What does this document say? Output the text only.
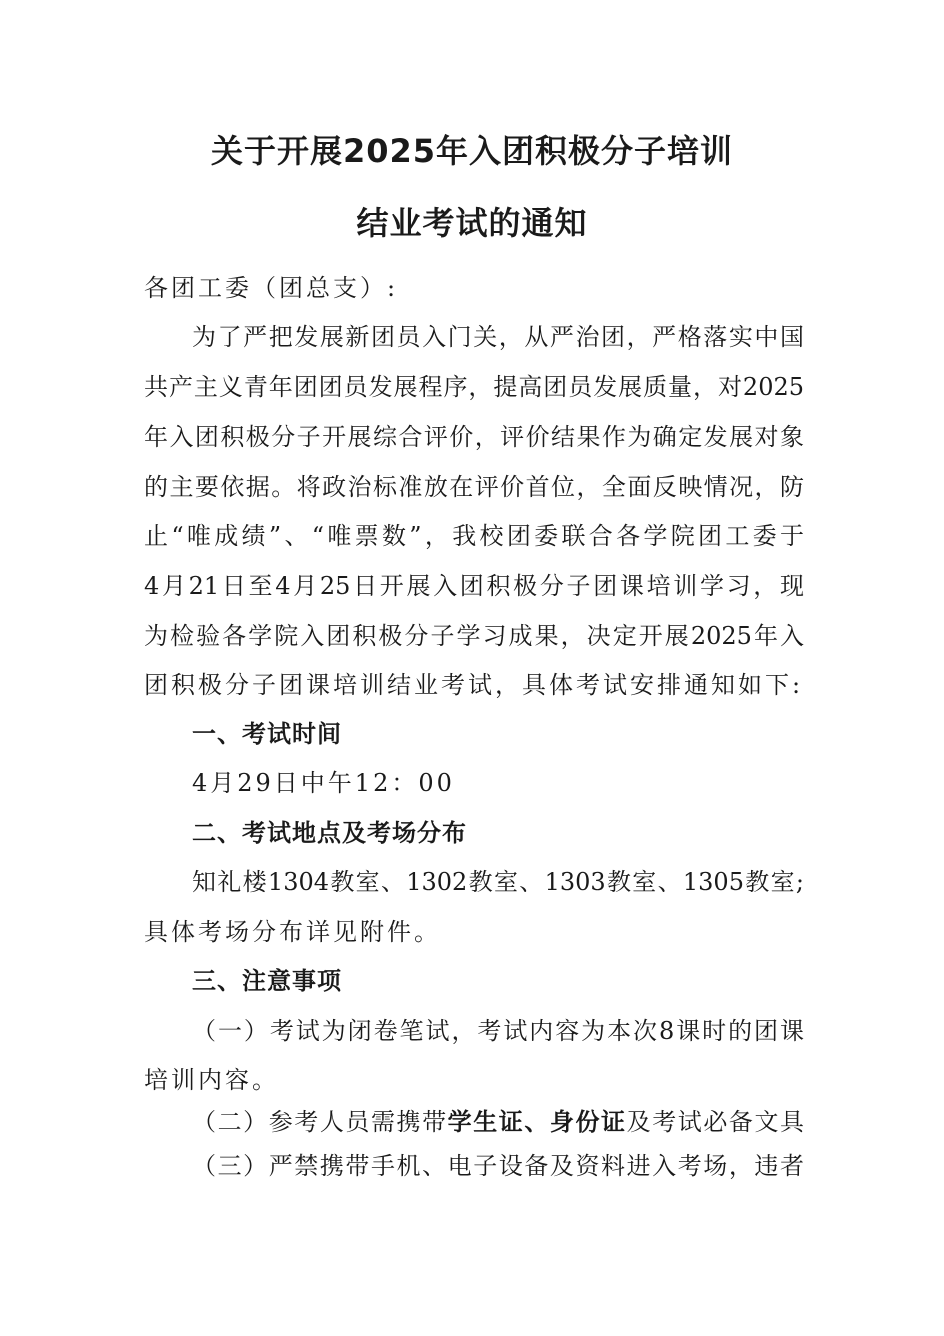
关于开展2025年入团积极分子培训
结业考试的通知

各团工委（团总支）:

为了严把发展新团员入门关，从严治团，严格落实中国

共产主义青年团团员发展程序，提高团员发展质量，对2025

年入团积极分子开展综合评价，评价结果作为确定发展对象

的主要依据。将政治标准放在评价首位，全面反映情况，防

止“唯成绩”、“唯票数”，我校团委联合各学院团工委于

4月21日至4月25日开展入团积极分子团课培训学习，现

为检验各学院入团积极分子学习成果，决定开展2025年入

团积极分子团课培训结业考试，具体考试安排通知如下:

一、考试时间

4月29日中午12：00

二、考试地点及考场分布

知礼楼1304教室、1302教室、1303教室、1305教室;

具体考场分布详见附件。

三、注意事项

（一）考试为闭卷笔试，考试内容为本次8课时的团课

培训内容。

（二）参考人员需携带学生证、身份证及考试必备文具

（三）严禁携带手机、电子设备及资料进入考场，违者
